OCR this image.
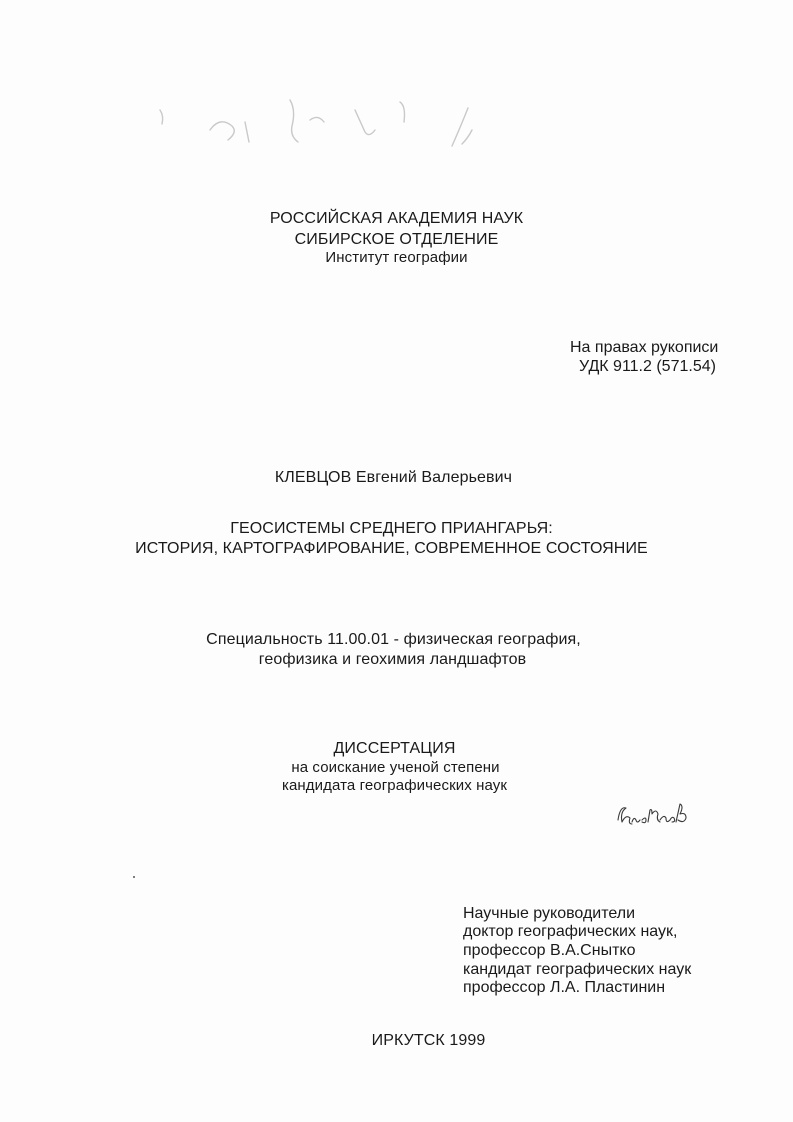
РОССИЙСКАЯ АКАДЕМИЯ НАУК
СИБИРСКОЕ ОТДЕЛЕНИЕ
Институт географии
На правах рукописи
УДК 911.2 (571.54)
КЛЕВЦОВ Евгений Валерьевич
ГЕОСИСТЕМЫ СРЕДНЕГО ПРИАНГАРЬЯ:
ИСТОРИЯ, КАРТОГРАФИРОВАНИЕ, СОВРЕМЕННОЕ СОСТОЯНИЕ
Специальность 11.00.01 - физическая география,
геофизика и геохимия ландшафтов
ДИССЕРТАЦИЯ
на соискание ученой степени
кандидата географических наук
Научные руководители
доктор географических наук,
профессор В.А.Снытко
кандидат географических наук
профессор Л.А. Пластинин
ИРКУТСК 1999
